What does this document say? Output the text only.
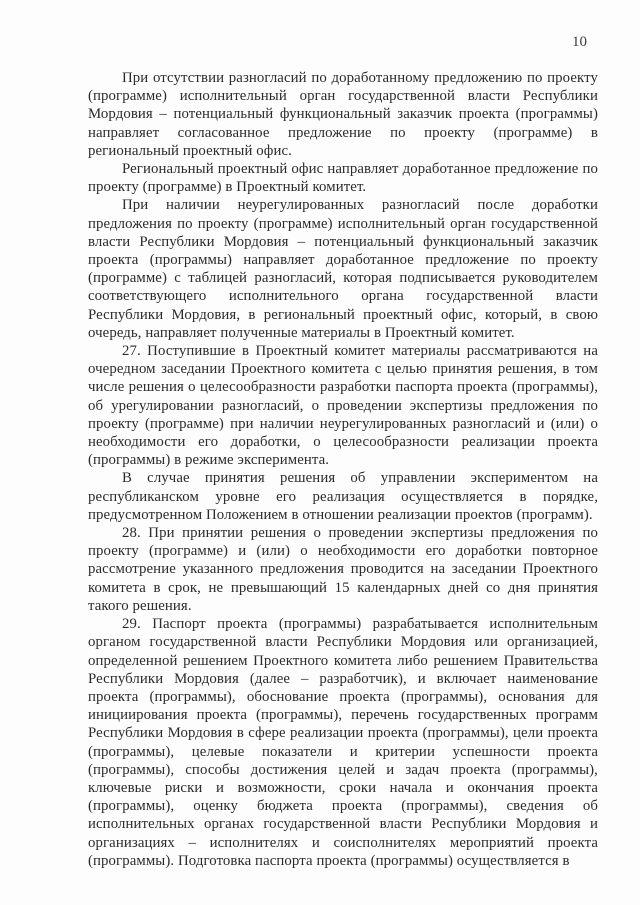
10

При отсутствии разногласий по доработанному предложению по проекту (программе) исполнительный орган государственной власти Республики Мордовия – потенциальный функциональный заказчик проекта (программы) направляет согласованное предложение по проекту (программе) в региональный проектный офис.

Региональный проектный офис направляет доработанное предложение по проекту (программе) в Проектный комитет.

При наличии неурегулированных разногласий после доработки предложения по проекту (программе) исполнительный орган государственной власти Республики Мордовия – потенциальный функциональный заказчик проекта (программы) направляет доработанное предложение по проекту (программе) с таблицей разногласий, которая подписывается руководителем соответствующего исполнительного органа государственной власти Республики Мордовия, в региональный проектный офис, который, в свою очередь, направляет полученные материалы в Проектный комитет.

27. Поступившие в Проектный комитет материалы рассматриваются на очередном заседании Проектного комитета с целью принятия решения, в том числе решения о целесообразности разработки паспорта проекта (программы), об урегулировании разногласий, о проведении экспертизы предложения по проекту (программе) при наличии неурегулированных разногласий и (или) о необходимости его доработки, о целесообразности реализации проекта (программы) в режиме эксперимента.

В случае принятия решения об управлении экспериментом на республиканском уровне его реализация осуществляется в порядке, предусмотренном Положением в отношении реализации проектов (программ).

28. При принятии решения о проведении экспертизы предложения по проекту (программе) и (или) о необходимости его доработки повторное рассмотрение указанного предложения проводится на заседании Проектного комитета в срок, не превышающий 15 календарных дней со дня принятия такого решения.

29. Паспорт проекта (программы) разрабатывается исполнительным органом государственной власти Республики Мордовия или организацией, определенной решением Проектного комитета либо решением Правительства Республики Мордовия (далее – разработчик), и включает наименование проекта (программы), обоснование проекта (программы), основания для инициирования проекта (программы), перечень государственных программ Республики Мордовия в сфере реализации проекта (программы), цели проекта (программы), целевые показатели и критерии успешности проекта (программы), способы достижения целей и задач проекта (программы), ключевые риски и возможности, сроки начала и окончания проекта (программы), оценку бюджета проекта (программы), сведения об исполнительных органах государственной власти Республики Мордовия и организациях – исполнителях и соисполнителях мероприятий проекта (программы). Подготовка паспорта проекта (программы) осуществляется в
